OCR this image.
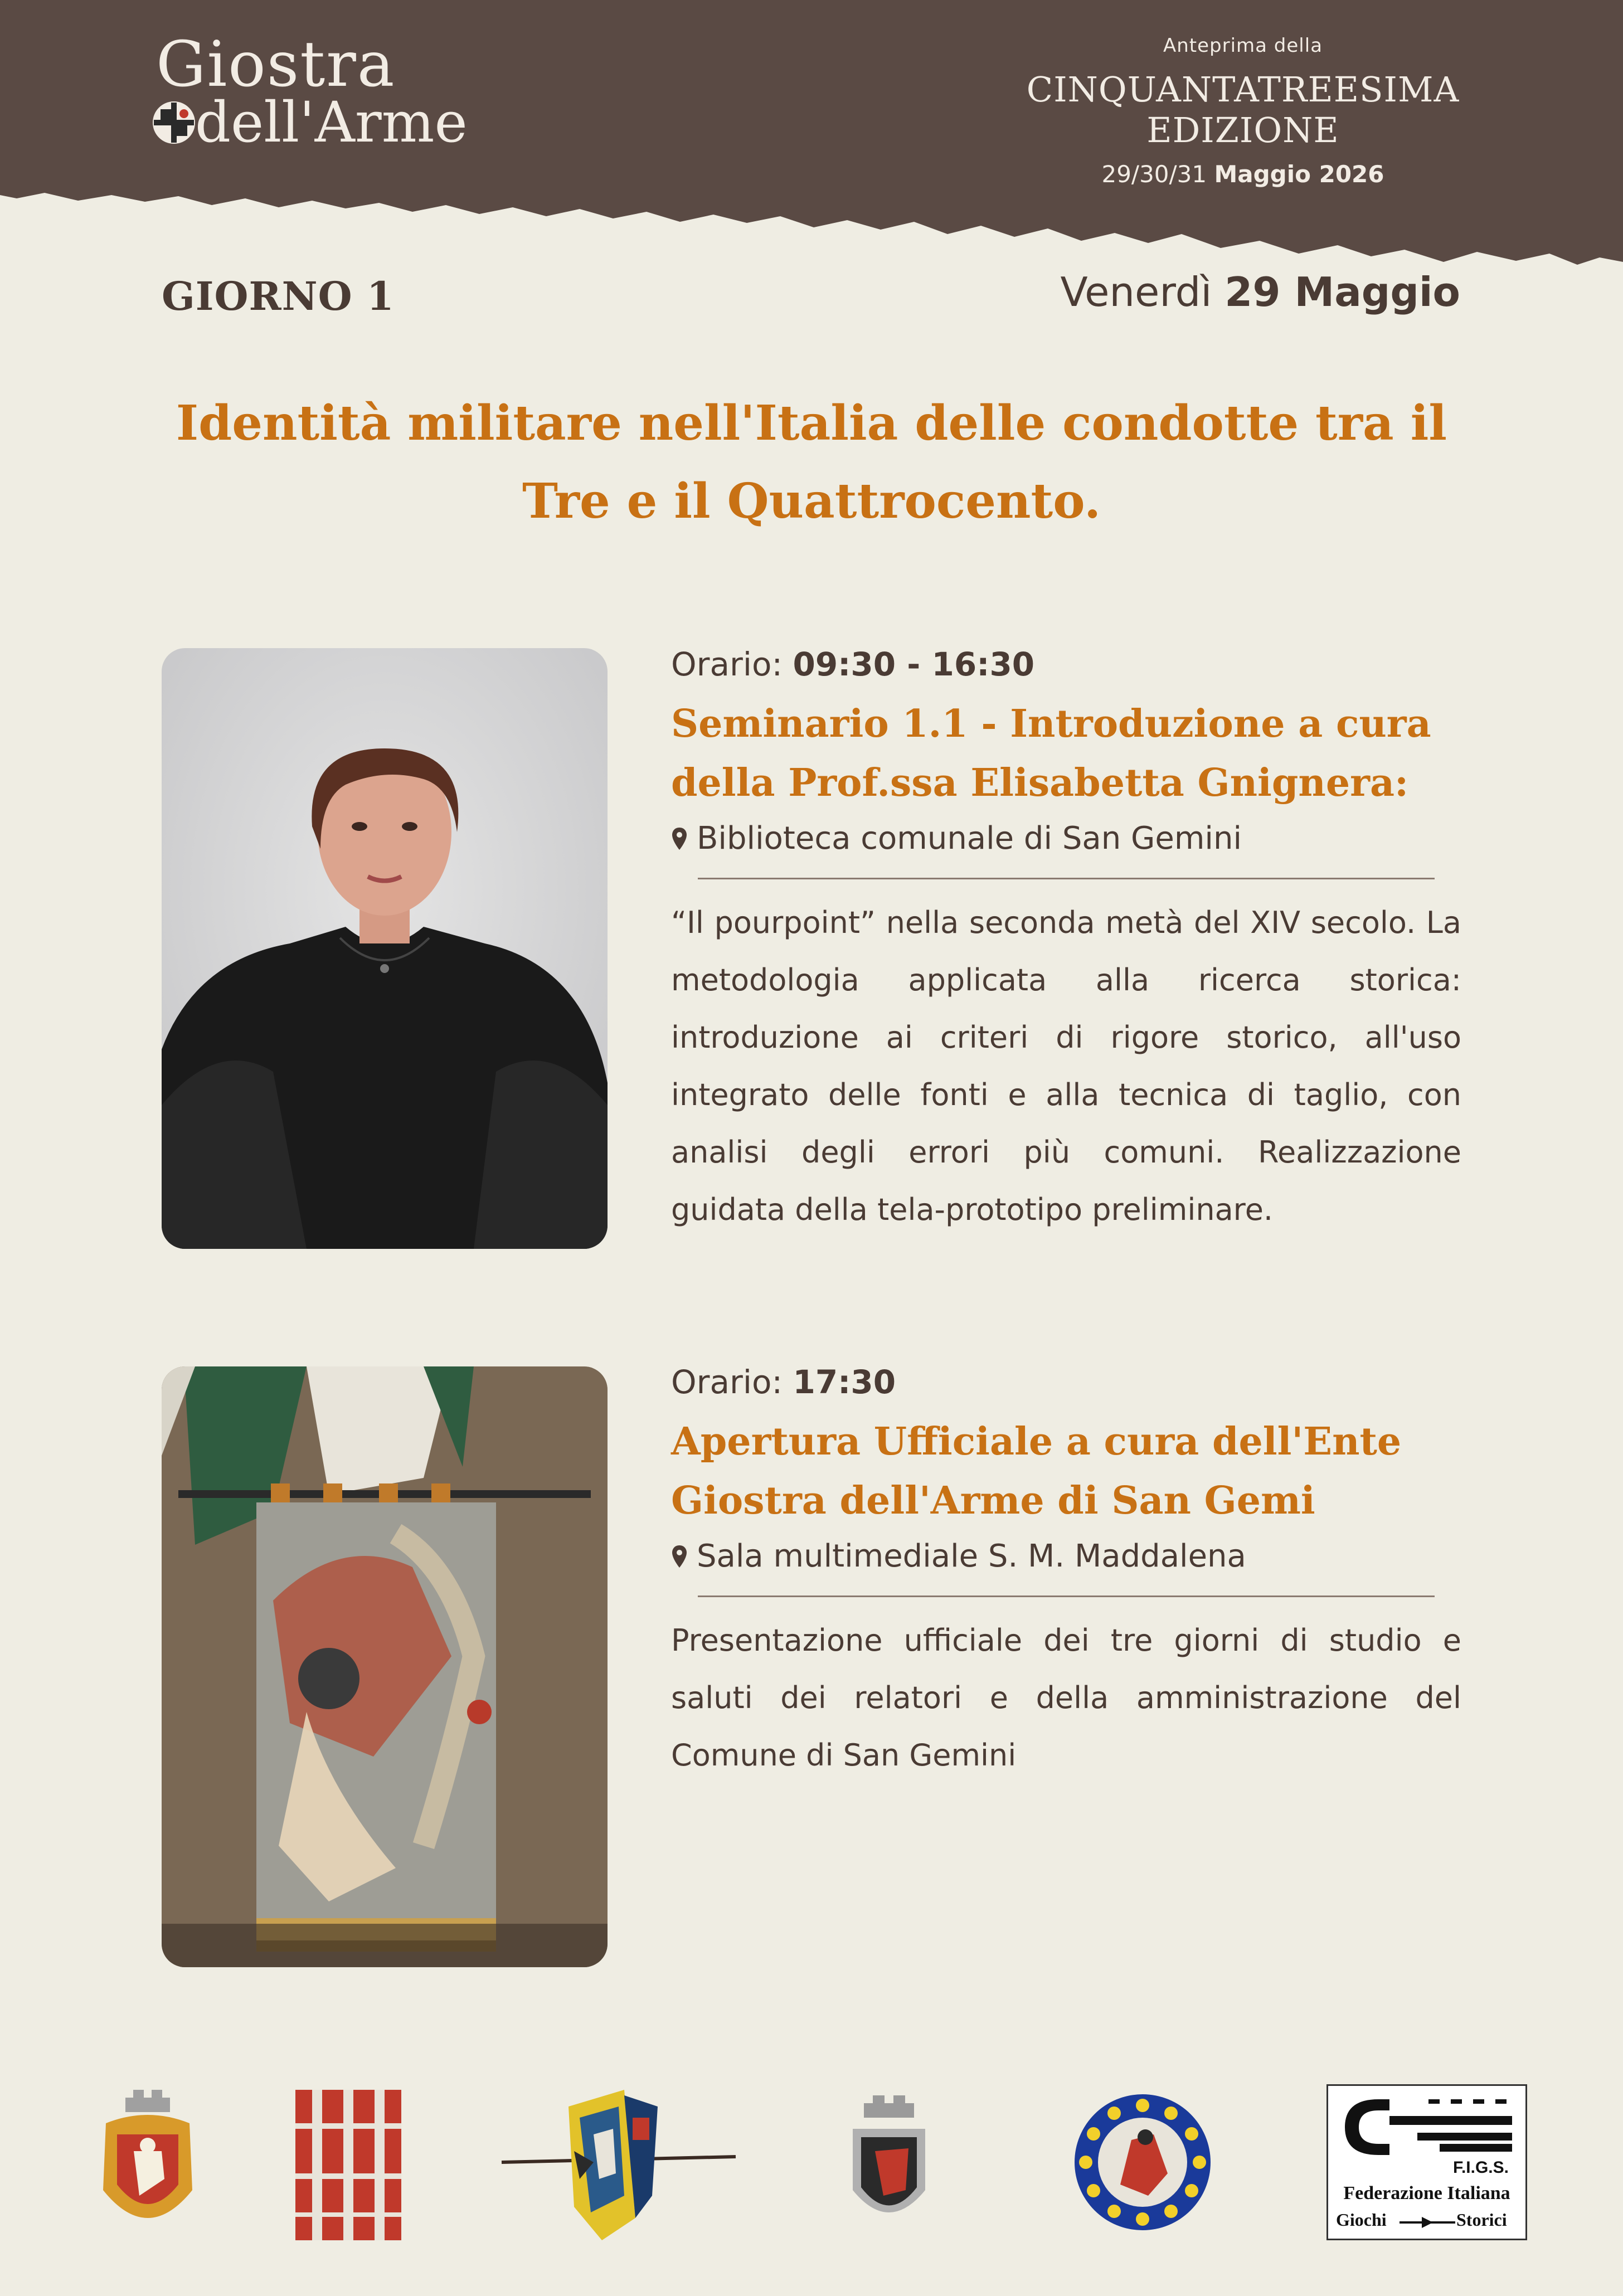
Giostra
dell'Arme
Anteprima della
CINQUANTATREESIMA EDIZIONE
29/30/31 Maggio 2026
GIORNO 1	Venerdì 29 Maggio
Identità militare nell'Italia delle condotte tra il Tre e il Quattrocento.
Orario: 09:30 - 16:30
Seminario 1.1 - Introduzione a cura della Prof.ssa Elisabetta Gnignera:
Biblioteca comunale di San Gemini
“Il pourpoint” nella seconda metà del XIV secolo. La metodologia applicata alla ricerca storica: introduzione ai criteri di rigore storico, all'uso integrato delle fonti e alla tecnica di taglio, con analisi degli errori più comuni. Realizzazione guidata della tela-prototipo preliminare.
Orario: 17:30
Apertura Ufficiale a cura dell'Ente Giostra dell'Arme di San Gemi
Sala multimediale S. M. Maddalena
Presentazione ufficiale dei tre giorni di studio e saluti dei relatori e della amministrazione del Comune di San Gemini
F.I.G.S.
Federazione Italiana
Giochi	Storici
